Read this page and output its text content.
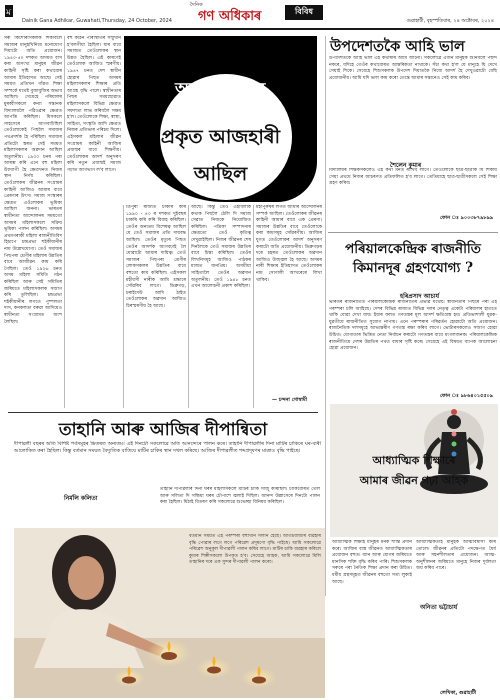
ম
Dainik Gana Adhikar, Guwahati,Thursday, 24 October, 2024
দৈনিক
গণ অধিকাৰ	বিবিধ
গুৱাহাটী, বৃহস্পতিবাৰ, ২৪ অক্টোবৰ, ২০২৪
সৰু কিশোৰীসকলক শিকাবলৈ সমাজৰ মানুহখিনিয়ে মনোযোগ দিয়াটো অতি প্ৰয়োজন। ১৯৪০-৫০ দশকত অসমত বাস কৰা অসংখ্য মানুহৰ জীৱন কাহিনী সৃষ্টি কৰা কথাবোৰ আমাৰ ইতিহাসত আছে। সেই সময়ত প্ৰতিখন গাঁৱত শিক্ষা সম্পৰ্কে যথেষ্ট বুজাবুজিৰ অভাব আছিল। সেয়েহে পৰিয়ালৰ মুৰব্বীসকলে কন্যা সন্তানক বিদ্যালয়লৈ পঠিওৱাৰ ক্ষেত্ৰত আপত্তি কৰিছিল। যিসকলে সাহসেৰে আগবাঢ়িছিল তেওঁলোকেই পিছলৈ সমাজৰ পথপ্ৰদৰ্শক হৈ পৰিছিল। সমাজৰ প্ৰতিটো স্তৰত সেই সময়ত মহিলাসকলৰ অৱদান আছিল অতুলনীয়। ১৯৩০ চনৰ পৰা আৰম্ভ কৰি এনে বহু মহিলা উদ্যোগী হৈ ক্ষেত্ৰখনত নিজৰ স্থান নিৰ্ণয় কৰিছিল। তেওঁলোকৰ জীৱনৰ সংগ্ৰামৰ কাহিনী আজিও আমাৰ বাবে প্ৰেৰণাৰ উৎস। সমাজ সংস্কাৰৰ ক্ষেত্ৰত এওঁলোকৰ ভূমিকা আছিল অনন্য। ভাৰতৰ স্বাধীনতা আন্দোলনৰ সময়তো অসমৰ মহিলাসকলে সক্ৰিয় ভূমিকা পালন কৰিছিল। অসমৰ প্ৰথমগৰাকী মহিলা ৰাজনীতিবিদ হিচাপে চন্দ্ৰপ্ৰভা শইকীয়ানীৰ নাম উল্লেখযোগ্য। তেওঁ সমাজৰ পিছপৰা শ্ৰেণীৰ মহিলাৰ উন্নতিৰ বাবে আজীৱন কাম কৰি গৈছিল। তেওঁ ১৯২৬ চনত অসম মহিলা সমিতি গঠন কৰিছিল আৰু সেই সমিতিৰ জৰিয়তে মহিলাসকলক সজাগ কৰি তুলিছিল। চন্দ্ৰপ্ৰভা শইকীয়ানীৰ লগতে পুষ্পলতা দাস, কনকলতা বৰুৱা আদিয়েও স্বাধীনতা সংগ্ৰামত অংশ লৈছিল।
বহু কঠিন পৰিস্থিতিৰ সন্মুখীন হ'বলগীয়া হৈছিল। যাৰ বাবে সমাজত তেওঁলোকৰ স্থান উন্নত হৈছিল। এই কাৰণেই তেওঁলোক আজিও স্মৰণীয়। ১৯৪৭ চনত দেশ স্বাধীন হোৱাৰ পিছত অসমৰ মহিলাসকলৰ শিক্ষাৰ প্ৰতি আগ্ৰহ বৃদ্ধি পালে। স্বাধীনতাৰ পিছৰ সময়ছোৱাত মহিলাসকলে বিভিন্ন ক্ষেত্ৰত সফলতা লাভ কৰিবলৈ সক্ষম হ'ল। তেওঁলোকে শিক্ষা, স্বাস্থ্য, সাহিত্য, সংস্কৃতি আদি ক্ষেত্ৰত নিজৰ প্ৰতিভাৰ পৰিচয় দিলে। এইসকল মহিলাৰ জীৱন সংগ্ৰামৰ কাহিনী আজিৰ প্ৰজন্মৰ বাবে শিক্ষণীয়। তেওঁলোকৰ আদৰ্শ অনুসৰণ কৰি নতুন প্ৰজন্মই সমাজ গঢ়াত আগভাগ ল'ব লাগে।
ত্ৰিপুৰা ৰাজ্যত চাকৰি কৰি ১৯৯০ - ৪০ ৰ দশকত দুইবছৰ চাকৰি কৰি কৰি বিবাহ কৰিছিল। তেওঁৰ অন্যতম বিশেষত্ব আছিল যে তেওঁ সমাজৰ প্ৰতি দায়বদ্ধ আছিল। তেওঁৰ মৃত্যুৰ পিছত তেওঁৰ আদৰ্শক আগবঢ়াই লৈ যোৱাটো আমাৰ দায়িত্ব। তেওঁ সমাজৰ পিছপৰা শ্ৰেণীৰ লোকসকলৰ উন্নতিৰ বাবে বহুতো কাম কৰিছিল। এইসকল মহীয়সী নাৰীক আমি শ্ৰদ্ধাৰে সোঁৱৰিব লাগে। ডিব্ৰুগড়, চৰাইদেউ আদি ঠাইত তেওঁলোকৰ অৱদান আজিও চিৰস্মৰণীয় হৈ আছে।
আছে। কিন্তু তেওঁ এইবিলাক কথাক পিছলৈ ঠেলি দি সমাজ সেৱাত নিজকে নিয়োজিত কৰিছিল। পত্ৰিকা সম্পাদনাৰ ক্ষেত্ৰতো তেওঁ কৃতিত্ব দেখুৱাইছিল। নিজৰ জীৱনৰ শেষ দিনলৈকে তেওঁ সমাজৰ উন্নতিৰ বাবে চিন্তা কৰিছিল। তেওঁৰ লিখনিসমূহ আজিও পাঠকৰ মাজত জনপ্ৰিয়। অসমীয়া সাহিত্যলৈ তেওঁৰ অৱদান অতুলনীয়। তেওঁ ১৯৪৮ চনত এখন আলোচনী প্ৰকাশ কৰিছিল।
মহাপুৰুষৰ লগত আমাৰ আন্দোলনৰ সম্পৰ্ক আছিল। তেওঁলোকৰ জীৱনৰ কাহিনী আমাৰ বাবে এক প্ৰেৰণা। সমাজৰ উন্নতিৰ বাবে তেওঁলোকে কৰা কামসমূহ সোঁৱৰণীয়। আজিৰ যুগত তেওঁলোকৰ আদৰ্শ অনুসৰণ কৰাটো অতি প্ৰয়োজনীয়। ডিব্ৰুগড়ৰ দৰে চহৰত তেওঁলোকৰ অৱদান আজিও উজ্জ্বল হৈ আছে। অসমৰ নাৰী শিক্ষাৰ ইতিহাসত তেওঁলোকৰ নাম সোণালী আখৰেৰে লিখা থাকিব।
— চন্দনা গোস্বামী
অসমত এজন
প্ৰকৃত আজহাৰী
আছিল
উপদেশতকৈ আহি ভাল
উপদেশতকৈ আহি ভাল এই কথাষাৰ আমি জানো। সকলোৱে এজন মানুহক শুনিবলৈ পছন্দ নকৰে, যদিহে তেওঁৰ কথাবোৰত আন্তৰিকতা নাথাকে। সঁচা কথা হ'ল যে মানুহে যি দেখে সেয়াই শিকে। সেয়েহে শিশুসকলক উপদেশ দিয়াতকৈ নিজে আদৰ্শ হৈ দেখুওৱাটো বেছি প্ৰয়োজনীয়। আমি যদি ভাল কাম কৰো তেন্তে আমাৰ সন্তানেও সেই কাম কৰিব।
শৈলেন কুমাৰ
বিদ্যালয়ৰ শিক্ষকসকলেও এই কথা মনত ৰাখিব লাগে। তেওঁলোকে ছাত্ৰ-ছাত্ৰীক যি শিকায় সেয়া প্ৰথমে নিজৰ আচৰণত প্ৰতিফলিত হ'ব লাগে। তেতিয়াহে ছাত্ৰ-ছাত্ৰীসকলে সেই শিক্ষা গ্ৰহণ কৰিব।
ফোন ঃ ৯০০৩৮৭৯৮৯৯
পৰিয়ালকেন্দ্ৰিক ৰাজনীতি
কিমানদূৰ গ্ৰহণযোগ্য ?
হৰিপ্ৰসাদ আচাৰ্য
ভাৰতৰ ৰাজনীতিত পৰিয়ালকেন্দ্ৰিক ৰাজনীতিৰ প্ৰভাৱ যথেষ্ট। স্বাধীনতাৰ পিছৰে পৰা এই পৰম্পৰা চলি আহিছে। দেশৰ বিভিন্ন ৰাজ্যত বিভিন্ন দলৰ নেতৃত্ব একেটা পৰিয়ালৰ হাততে থাকি যোৱা দেখা যায়। ইয়াৰ ফলত গণতন্ত্ৰৰ মূল আদৰ্শ ক্ষতিগ্ৰস্ত হয়। প্ৰতিভাশালী যুৱক-যুৱতীয়ে ৰাজনীতিত সুযোগ নাপায়। এনে পৰম্পৰাৰ পৰিৱৰ্তন হোৱাটো অতি প্ৰয়োজন। ৰাজনৈতিক দলসমূহে আভ্যন্তৰীণ গণতন্ত্ৰ ৰক্ষা কৰিব লাগে। ভোটাৰসকলেও সজাগ হোৱা উচিত। যোগ্যতাৰ ভিত্তিত নেতা নিৰ্বাচন কৰাটো গণতন্ত্ৰৰ বাবে মংগলজনক। পৰিয়ালকেন্দ্ৰিক ৰাজনীতিয়ে দেশৰ উন্নতিৰ পথত বাধাৰ সৃষ্টি কৰে। সেয়েহে এই বিষয়ত ব্যাপক আলোচনা হোৱা প্ৰয়োজন।
ফোন ঃ ৯৮৬৪০১৫৫০৯
তাহানি আৰু আজিৰ দীপান্বিতা
দীপাৱলী বছৰৰ অতি বিশিষ্ট পৰ্বসমূহৰ ভিতৰত অন্যতম। এই দিনটো সকলোৱে অতি আনন্দেৰে পালন কৰে। তাহানি দীপাৱলীৰ দিনা মাটিৰ চাকিৰে ঘৰ-বাৰী আলোকিত কৰা হৈছিল। কিন্তু বৰ্তমান সময়ত বৈদ্যুতিক বাতিয়ে মাটিৰ চাকিৰ স্থান দখল কৰিছে। আজিৰ দীপাৱলীত শব্দপ্ৰদূষণৰ মাত্ৰাও বৃদ্ধি পাইছে।
নিৰ্মলি কলিতা
তাহানি দীপাৱলীৰ দিনা ঘৰৰ মহিলাসকলে মাটিৰ চাকি সাজু কৰিছিল। চাকিবোৰত তেল আৰু সলিতা দি সন্ধিয়া ঘৰৰ চৌপাশে জ্বলাই দিছিল। আনন্দ উল্লাসেৰে দিনটো পালন কৰা হৈছিল। মিঠাই বিতৰণ কৰি সকলোৱে শুভেচ্ছা বিনিময় কৰিছিল।
বৰ্তমান সময়ত এই পৰম্পৰা বহুখিনি সলনি হৈছে। আতচবাজীৰ ব্যৱহাৰ বৃদ্ধি পোৱাৰ লগে লগে পৰিৱেশ প্ৰদূষণো বৃদ্ধি পাইছে। আমি সকলোৱে পৰিৱেশ অনুকূল দীপাৱলী পালন কৰিব লাগে। মাটিৰ চাকি ব্যৱহাৰ কৰিলে কুমাৰ শিল্পীসকলো উপকৃত হ'ব। সেয়েহে আহক, আমি সকলোৱে মিলি তাহানিৰ দৰে এক সুন্দৰ দীপাৱলী পালন কৰো।
আধ্যাত্মিক শিক্ষাৰে
আমাৰ জীৱন গঢ়া আহক
আধ্যাত্মিক শিক্ষাই মানুহৰ মনক শান্তি প্ৰদান কৰে। আজিৰ ব্যস্ত জীৱনত আধ্যাত্মিকতাৰ প্ৰয়োজন বহুত। ধ্যান আৰু যোগৰ জৰিয়তে মানসিক শক্তি বৃদ্ধি কৰিব পাৰি। শিশুসকলক সৰুৰে পৰা নৈতিক শিক্ষা প্ৰদান কৰা উচিত। ধৰ্মীয় গ্ৰন্থসমূহত জীৱনৰ বহুতো সত্য লুকাই আছে।
আধ্যাত্মিকতাই মানুহক আত্মবিশ্বাসী কৰি তোলে। জীৱনৰ প্ৰতিটো পদক্ষেপত ধৈৰ্য আৰু সহনশীলতাৰ প্ৰয়োজন। আত্ম-অনুশীলনৰ জৰিয়তে মানুহে নিজৰ দুৰ্বলতা জয় কৰিব পাৰে।
অনিতা ভট্টাচাৰ্য
লেখিকা, গুৱাহাটী
